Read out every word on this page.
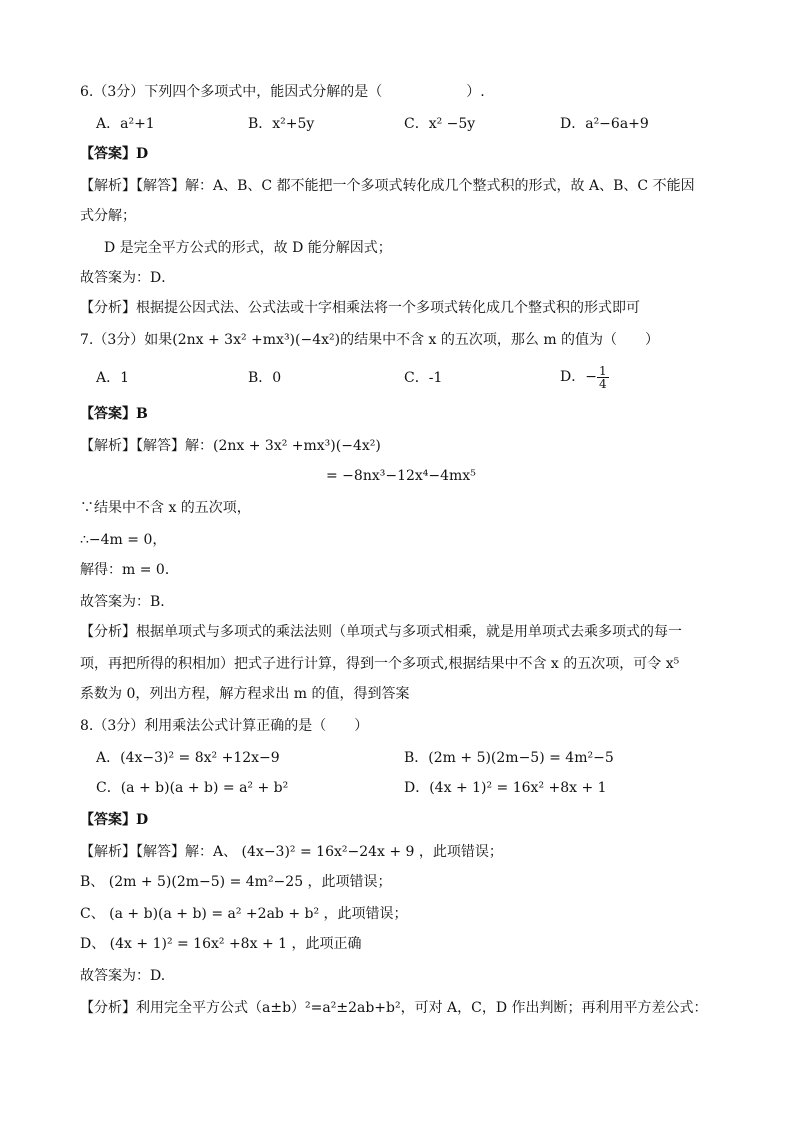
6.（3分）下列四个多项式中，能因式分解的是（　　　　　　）.
A．a²+1	B．x²+5y	C．x² −5y	D．a²−6a+9
【答案】D
【解析】【解答】解：A、B、C 都不能把一个多项式转化成几个整式积的形式，故 A、B、C 不能因
式分解；
D 是完全平方公式的形式，故 D 能分解因式；
故答案为：D．
【分析】根据提公因式法、公式法或十字相乘法将一个多项式转化成几个整式积的形式即可
7.（3分）如果(2nx + 3x² +mx³)(−4x²)的结果中不含 x 的五次项，那么 m 的值为（　　）
A．1	B．0	C．-1	D．− $\frac{1}{4}$
【答案】B
【解析】【解答】解：(2nx + 3x² +mx³)(−4x²)
= −8nx³−12x⁴−4mx⁵
∵结果中不含 x 的五次项，
∴−4m = 0，
解得：m = 0．
故答案为：B.
【分析】根据单项式与多项式的乘法法则（单项式与多项式相乘，就是用单项式去乘多项式的每一
项，再把所得的积相加）把式子进行计算，得到一个多项式,根据结果中不含 x 的五次项，可令 x⁵
系数为 0，列出方程，解方程求出 m 的值，得到答案
8.（3分）利用乘法公式计算正确的是（　　）
A．(4x−3)² = 8x² +12x−9	B．(2m + 5)(2m−5) = 4m²−5
C．(a + b)(a + b) = a² + b²	D．(4x + 1)² = 16x² +8x + 1
【答案】D
【解析】【解答】解：A、 (4x−3)² = 16x²−24x + 9 ，此项错误；
B、 (2m + 5)(2m−5) = 4m²−25 ，此项错误；
C、 (a + b)(a + b) = a² +2ab + b² ，此项错误；
D、 (4x + 1)² = 16x² +8x + 1 ，此项正确
故答案为：D.
【分析】利用完全平方公式（a±b）²=a²±2ab+b²，可对 A，C，D 作出判断；再利用平方差公式：
